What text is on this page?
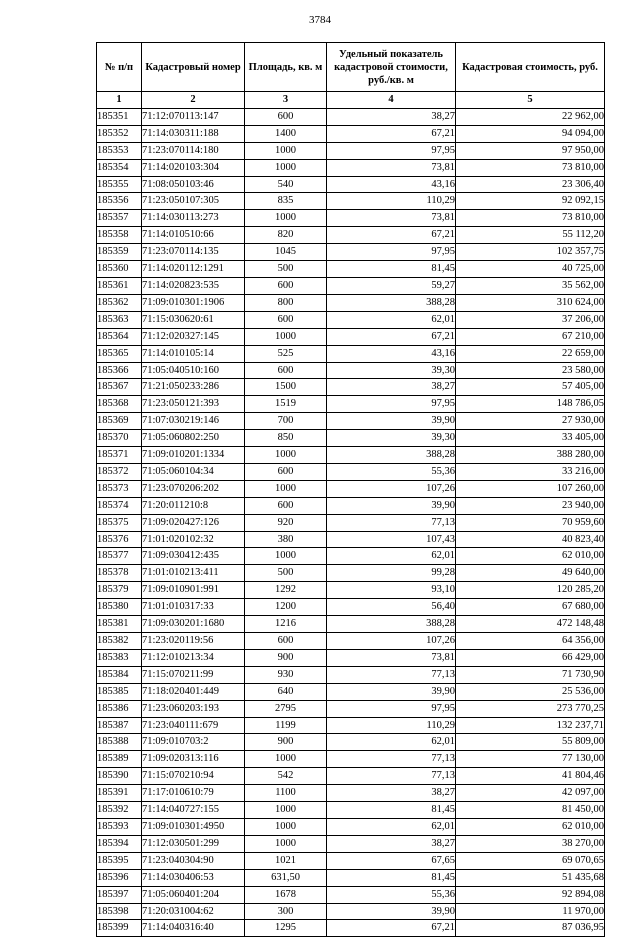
3784
№ п/п	Кадастровый номер	Площадь, кв. м	Удельный показатель кадастровой стоимости, руб./кв. м	Кадастровая стоимость, руб.
1	2	3	4	5
185351	71:12:070113:147	600	38,27	22 962,00
185352	71:14:030311:188	1400	67,21	94 094,00
185353	71:23:070114:180	1000	97,95	97 950,00
185354	71:14:020103:304	1000	73,81	73 810,00
185355	71:08:050103:46	540	43,16	23 306,40
185356	71:23:050107:305	835	110,29	92 092,15
185357	71:14:030113:273	1000	73,81	73 810,00
185358	71:14:010510:66	820	67,21	55 112,20
185359	71:23:070114:135	1045	97,95	102 357,75
185360	71:14:020112:1291	500	81,45	40 725,00
185361	71:14:020823:535	600	59,27	35 562,00
185362	71:09:010301:1906	800	388,28	310 624,00
185363	71:15:030620:61	600	62,01	37 206,00
185364	71:12:020327:145	1000	67,21	67 210,00
185365	71:14:010105:14	525	43,16	22 659,00
185366	71:05:040510:160	600	39,30	23 580,00
185367	71:21:050233:286	1500	38,27	57 405,00
185368	71:23:050121:393	1519	97,95	148 786,05
185369	71:07:030219:146	700	39,90	27 930,00
185370	71:05:060802:250	850	39,30	33 405,00
185371	71:09:010201:1334	1000	388,28	388 280,00
185372	71:05:060104:34	600	55,36	33 216,00
185373	71:23:070206:202	1000	107,26	107 260,00
185374	71:20:011210:8	600	39,90	23 940,00
185375	71:09:020427:126	920	77,13	70 959,60
185376	71:01:020102:32	380	107,43	40 823,40
185377	71:09:030412:435	1000	62,01	62 010,00
185378	71:01:010213:411	500	99,28	49 640,00
185379	71:09:010901:991	1292	93,10	120 285,20
185380	71:01:010317:33	1200	56,40	67 680,00
185381	71:09:030201:1680	1216	388,28	472 148,48
185382	71:23:020119:56	600	107,26	64 356,00
185383	71:12:010213:34	900	73,81	66 429,00
185384	71:15:070211:99	930	77,13	71 730,90
185385	71:18:020401:449	640	39,90	25 536,00
185386	71:23:060203:193	2795	97,95	273 770,25
185387	71:23:040111:679	1199	110,29	132 237,71
185388	71:09:010703:2	900	62,01	55 809,00
185389	71:09:020313:116	1000	77,13	77 130,00
185390	71:15:070210:94	542	77,13	41 804,46
185391	71:17:010610:79	1100	38,27	42 097,00
185392	71:14:040727:155	1000	81,45	81 450,00
185393	71:09:010301:4950	1000	62,01	62 010,00
185394	71:12:030501:299	1000	38,27	38 270,00
185395	71:23:040304:90	1021	67,65	69 070,65
185396	71:14:030406:53	631,50	81,45	51 435,68
185397	71:05:060401:204	1678	55,36	92 894,08
185398	71:20:031004:62	300	39,90	11 970,00
185399	71:14:040316:40	1295	67,21	87 036,95
